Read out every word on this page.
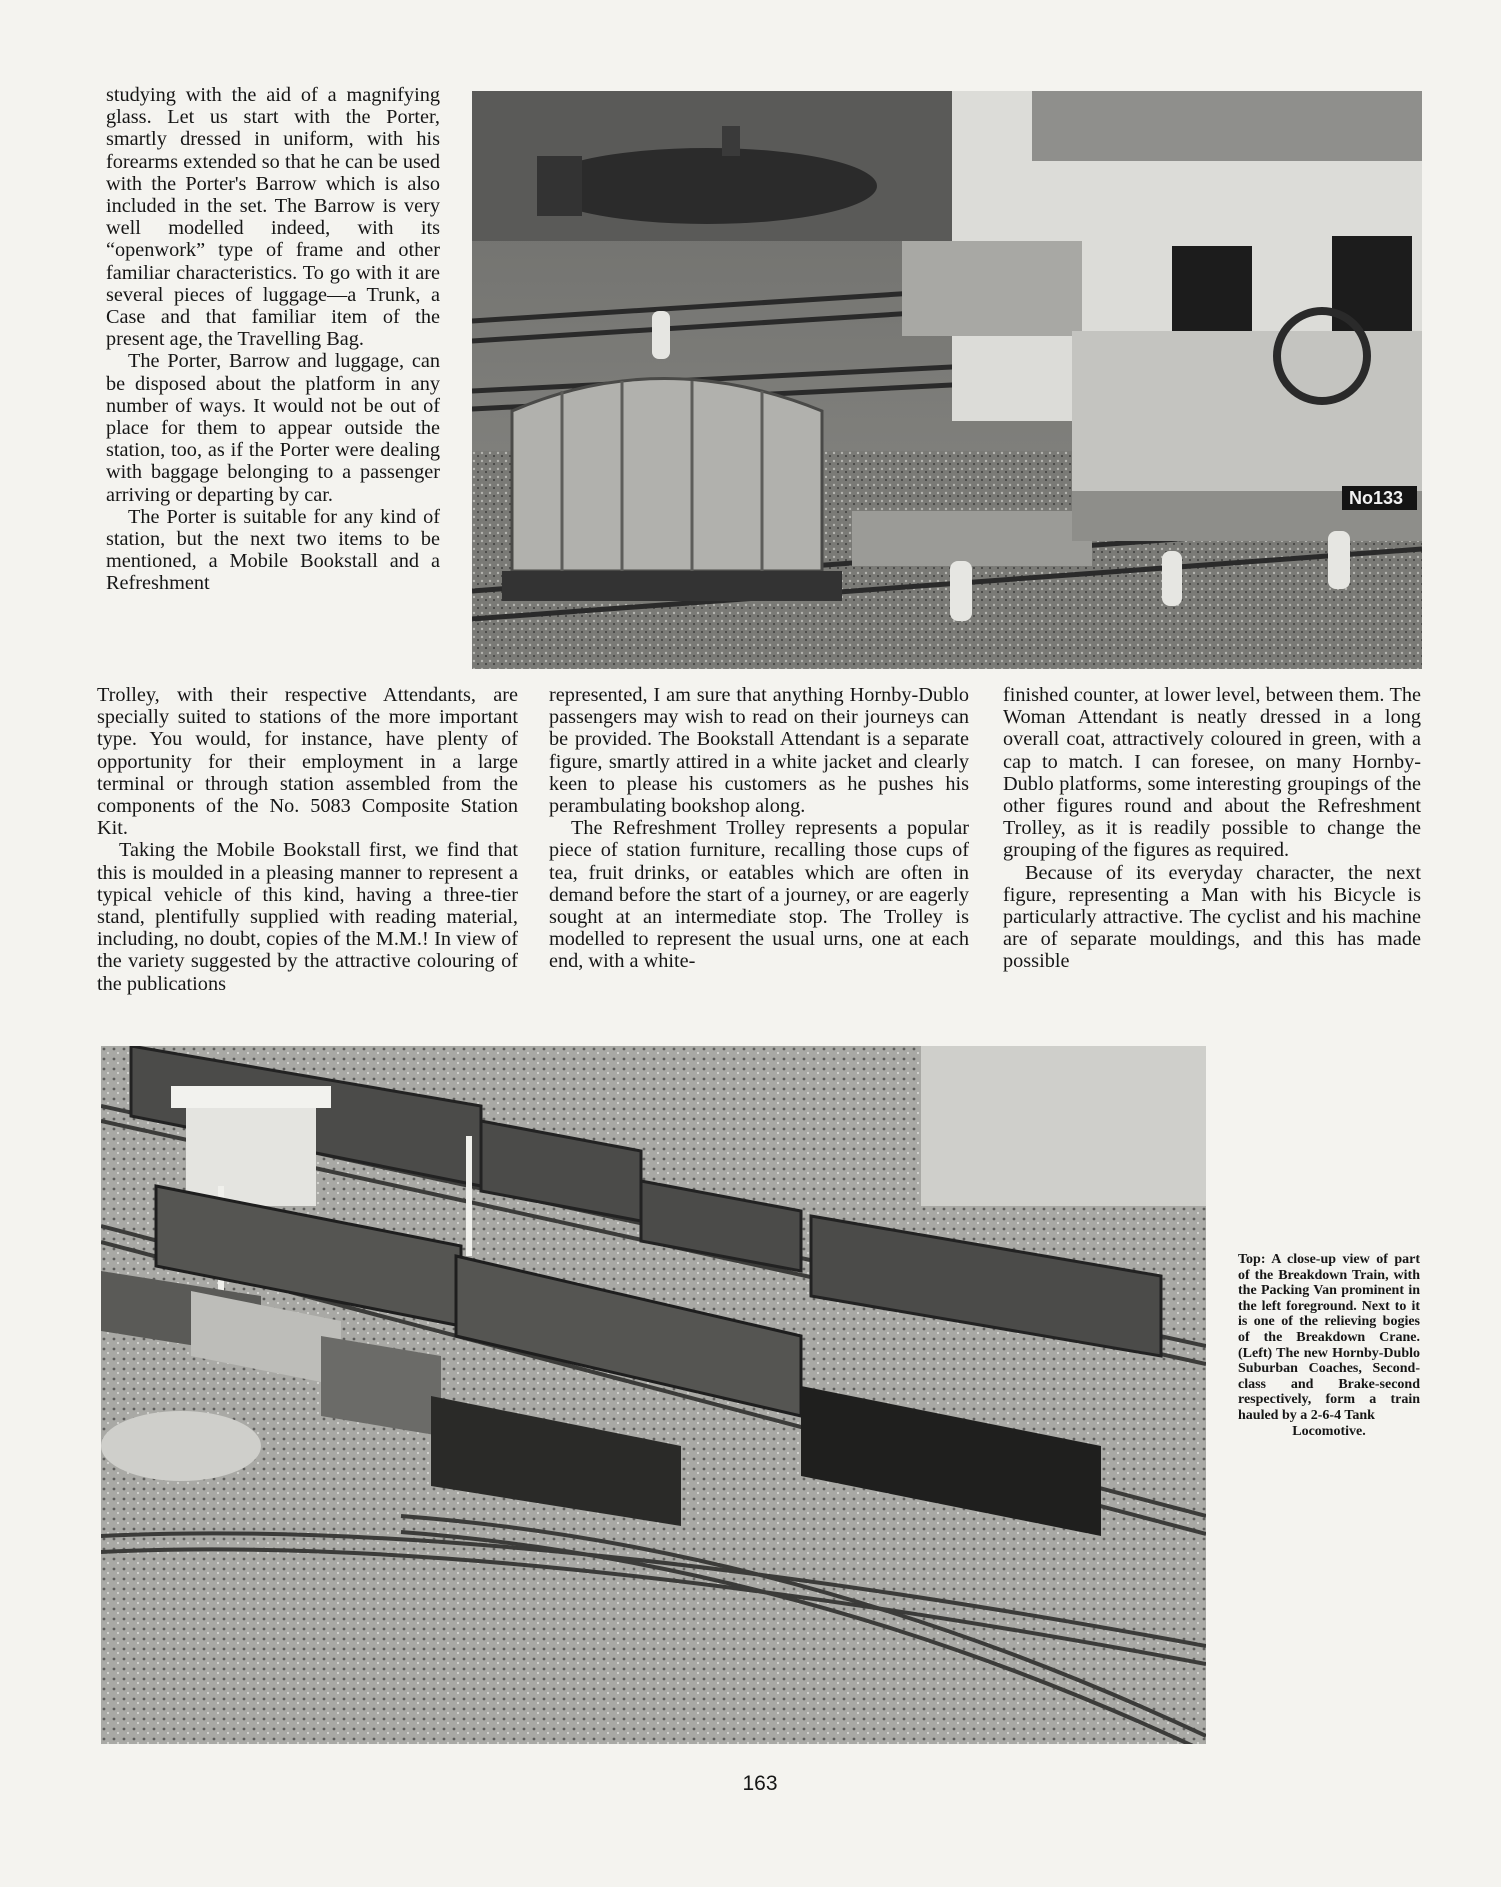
studying with the aid of a magnifying glass. Let us start with the Porter, smartly dressed in uniform, with his forearms extended so that he can be used with the Porter's Barrow which is also included in the set. The Barrow is very well modelled indeed, with its “openwork” type of frame and other familiar characteristics. To go with it are several pieces of luggage—a Trunk, a Case and that familiar item of the present age, the Travelling Bag.

The Porter, Barrow and luggage, can be disposed about the platform in any number of ways. It would not be out of place for them to appear outside the station, too, as if the Porter were dealing with baggage belonging to a passenger arriving or departing by car.

The Porter is suitable for any kind of station, but the next two items to be mentioned, a Mobile Bookstall and a Refreshment

No133

Trolley, with their respective Attendants, are specially suited to stations of the more important type. You would, for instance, have plenty of opportunity for their employment in a large terminal or through station assembled from the components of the No. 5083 Composite Station Kit.

Taking the Mobile Bookstall first, we find that this is moulded in a pleasing manner to represent a typical vehicle of this kind, having a three-tier stand, plentifully supplied with reading material, including, no doubt, copies of the M.M.! In view of the variety suggested by the attractive colouring of the publications

represented, I am sure that anything Hornby-Dublo passengers may wish to read on their journeys can be provided. The Bookstall Attendant is a separate figure, smartly attired in a white jacket and clearly keen to please his customers as he pushes his perambulating bookshop along.

The Refreshment Trolley represents a popular piece of station furniture, recalling those cups of tea, fruit drinks, or eatables which are often in demand before the start of a journey, or are eagerly sought at an intermediate stop. The Trolley is modelled to represent the usual urns, one at each end, with a white-

finished counter, at lower level, between them. The Woman Attendant is neatly dressed in a long overall coat, attractively coloured in green, with a cap to match. I can foresee, on many Hornby-Dublo platforms, some interesting groupings of the other figures round and about the Refreshment Trolley, as it is readily possible to change the grouping of the figures as required.

Because of its everyday character, the next figure, representing a Man with his Bicycle is particularly attractive. The cyclist and his machine are of separate mouldings, and this has made possible

Top: A close-up view of part of the Breakdown Train, with the Packing Van prominent in the left foreground. Next to it is one of the relieving bogies of the Breakdown Crane. (Left) The new Hornby-Dublo Suburban Coaches, Second-class and Brake-second respectively, form a train hauled by a 2-6-4 Tank
Locomotive.
163
